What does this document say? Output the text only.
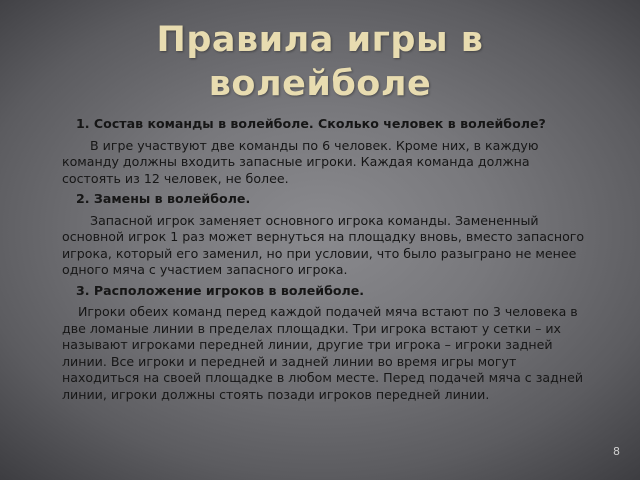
Правила игры в волейболе

1. Состав команды в волейболе. Сколько человек в волейболе?

В игре участвуют две команды по 6 человек. Кроме них, в каждую команду должны входить запасные игроки. Каждая команда должна состоять из 12 человек, не более.

2. Замены в волейболе.

Запасной игрок заменяет основного игрока команды. Замененный основной игрок 1 раз может вернуться на площадку вновь, вместо запасного игрока, который его заменил, но при условии, что было разыграно не менее одного мяча с участием запасного игрока.

3. Расположение игроков в волейболе.

Игроки обеих команд перед каждой подачей мяча встают по 3 человека в две ломаные линии в пределах площадки. Три игрока встают у сетки – их называют игроками передней линии, другие три игрока – игроки задней линии. Все игроки и передней и задней линии во время игры могут находиться на своей площадке в любом месте. Перед подачей мяча с задней линии, игроки должны стоять позади игроков передней линии.

8
